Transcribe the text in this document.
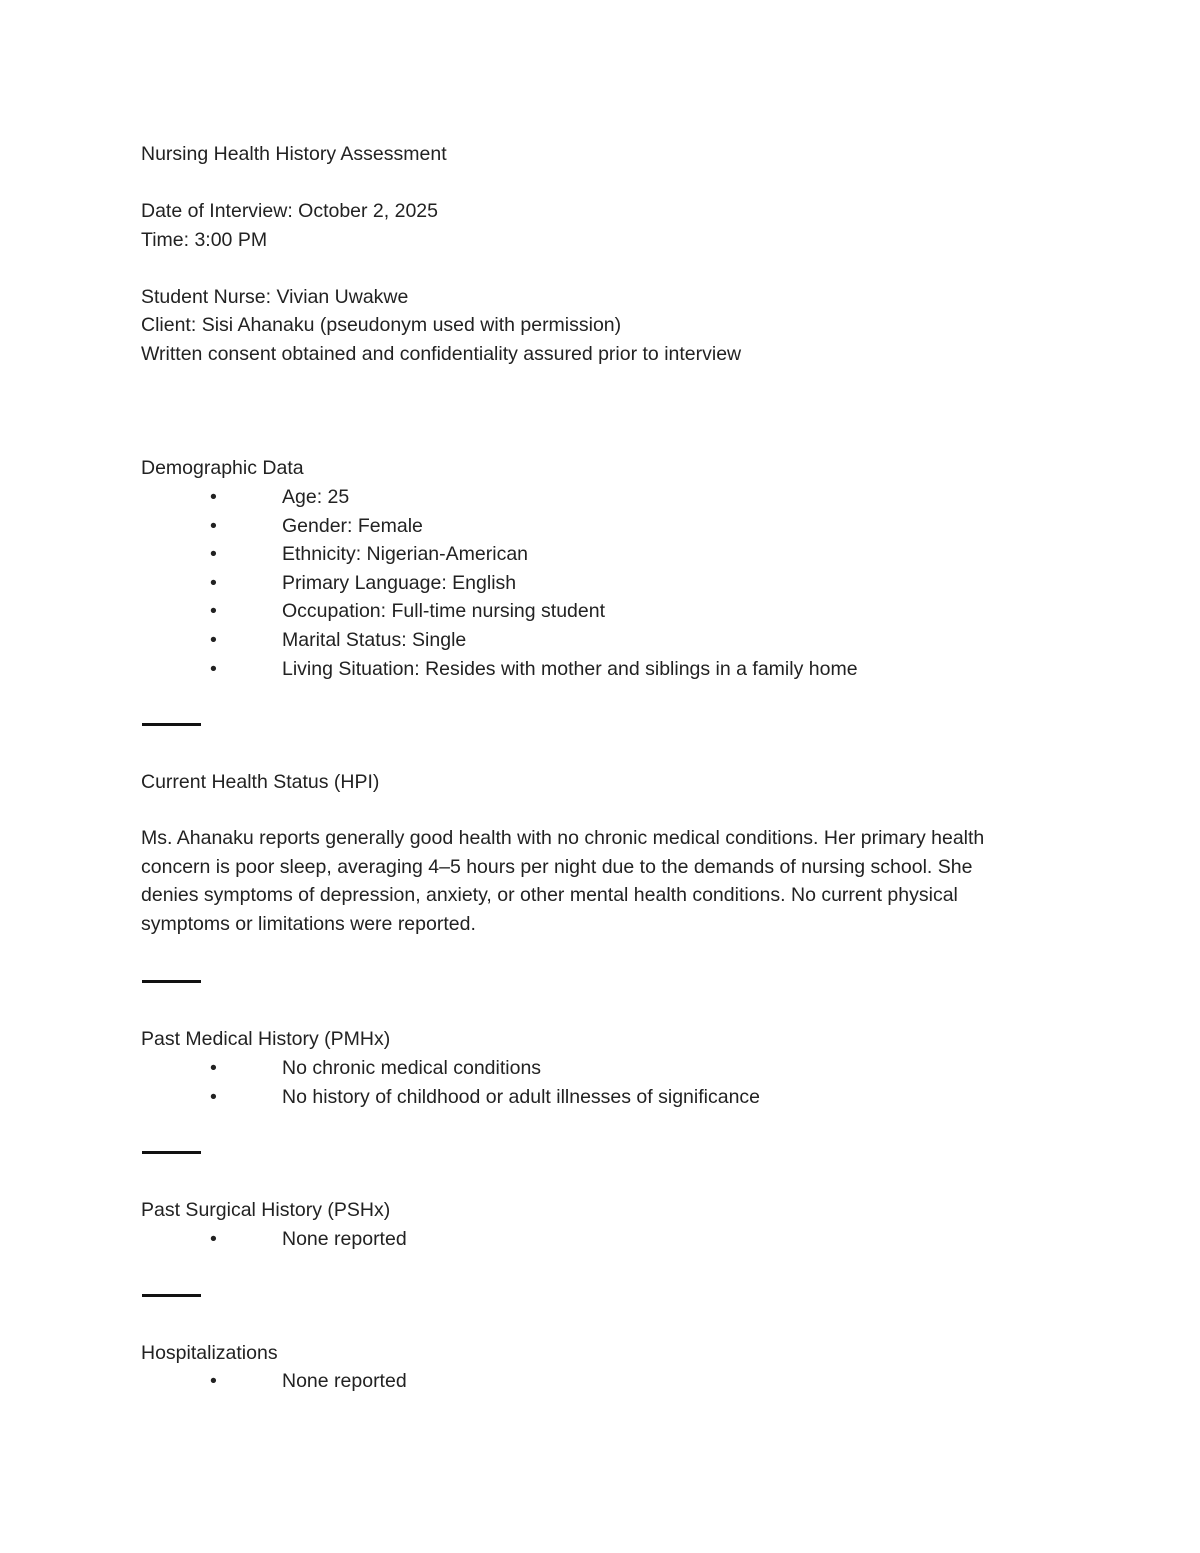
Nursing Health History Assessment

Date of Interview: October 2, 2025

Time: 3:00 PM

Student Nurse: Vivian Uwakwe

Client: Sisi Ahanaku (pseudonym used with permission)

Written consent obtained and confidentiality assured prior to interview

Demographic Data

•	Age: 25
•	Gender: Female
•	Ethnicity: Nigerian-American
•	Primary Language: English
•	Occupation: Full-time nursing student
•	Marital Status: Single
•	Living Situation: Resides with mother and siblings in a family home

Current Health Status (HPI)

Ms. Ahanaku reports generally good health with no chronic medical conditions. Her primary health concern is poor sleep, averaging 4–5 hours per night due to the demands of nursing school. She denies symptoms of depression, anxiety, or other mental health conditions. No current physical symptoms or limitations were reported.

Past Medical History (PMHx)

•	No chronic medical conditions
•	No history of childhood or adult illnesses of significance

Past Surgical History (PSHx)

•	None reported

Hospitalizations

•	None reported
